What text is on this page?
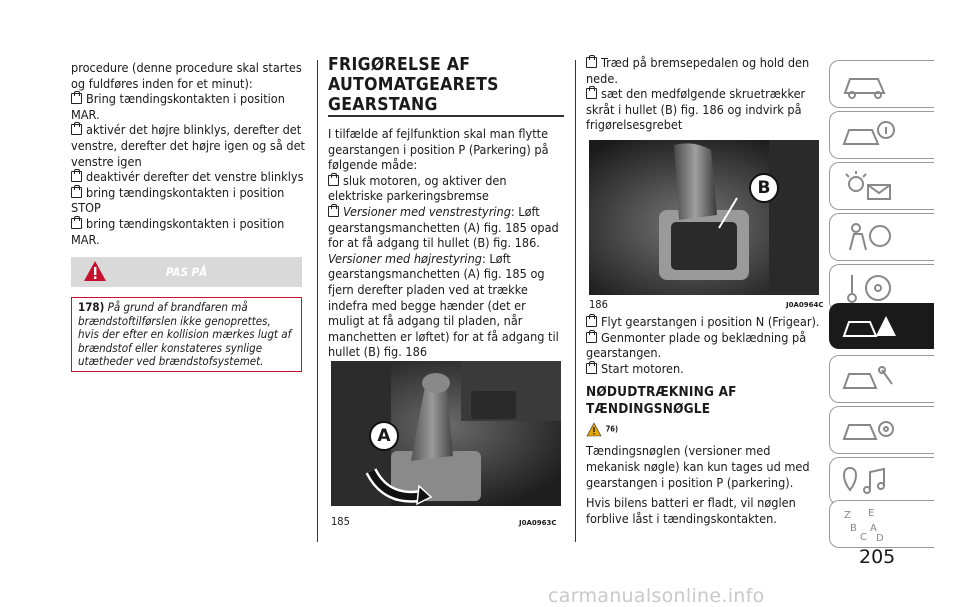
procedure (denne procedure skal startes
og fuldføres inden for et minut):

Bring tændingskontakten i position MAR.

aktivér det højre blinklys, derefter det venstre, derefter det højre igen og så det venstre igen

deaktivér derefter det venstre blinklys

bring tændingskontakten i position STOP

bring tændingskontakten i position MAR.

PAS PÅ
178) På grund af brandfaren må brændstoftilførslen ikke genoprettes, hvis der efter en kollision mærkes lugt af brændstof eller konstateres synlige utætheder ved brændstofsystemet.
FRIGØRELSE AF
AUTOMATGEARETS
GEARSTANG

I tilfælde af fejlfunktion skal man flytte gearstangen i position P (Parkering) på følgende måde:

sluk motoren, og aktiver den elektriske parkeringsbremse

Versioner med venstrestyring: Løft gearstangsmanchetten (A) fig. 185 opad for at få adgang til hullet (B) fig. 186. Versioner med højrestyring: Løft gearstangsmanchetten (A) fig. 185 og fjern derefter pladen ved at trække indefra med begge hænder (det er muligt at få adgang til pladen, når manchetten er løftet) for at få adgang til hullet (B) fig. 186

A
185	J0A0963C

Træd på bremsepedalen og hold den nede.

sæt den medfølgende skruetrækker skråt i hullet (B) fig. 186 og indvirk på frigørelsesgrebet

B
186	J0A0964C

Flyt gearstangen i position N (Frigear).

Genmonter plade og beklædning på gearstangen.

Start motoren.

NØDUDTRÆKNING AF
TÆNDINGSNØGLE
76)

Tændingsnøglen (versioner med mekanisk nøgle) kan kun tages ud med gearstangen i position P (parkering).

Hvis bilens batteri er fladt, vil nøglen forblive låst i tændingskontakten.	Z E
B A
C D
205
carmanualsonline.info
